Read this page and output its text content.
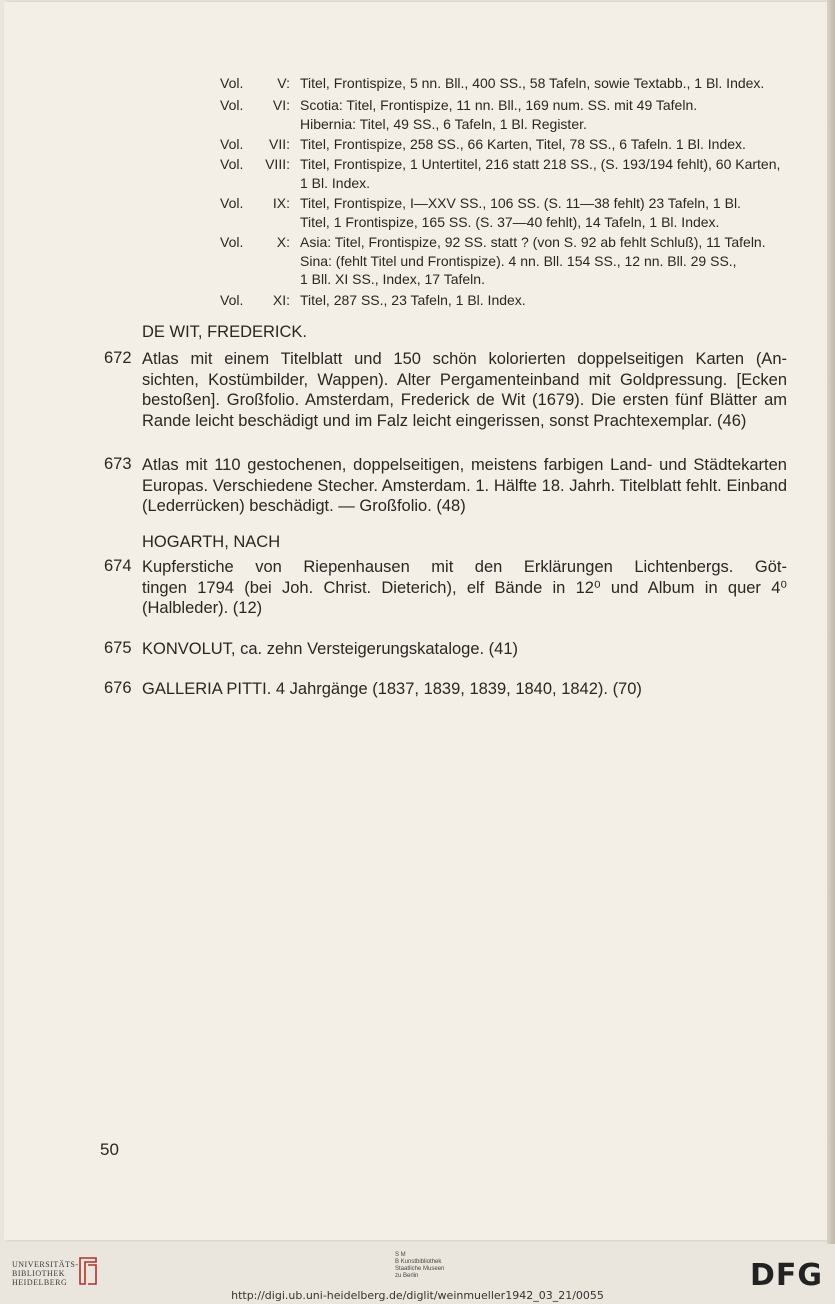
Vol.	V: Titel, Frontispize, 5 nn. Bll., 400 SS., 58 Tafeln, sowie Textabb., 1 Bl. Index.
Vol.	VI: Scotia: Titel, Frontispize, 11 nn. Bll., 169 num. SS. mit 49 Tafeln.
Hibernia: Titel, 49 SS., 6 Tafeln, 1 Bl. Register.
Vol.	VII: Titel, Frontispize, 258 SS., 66 Karten, Titel, 78 SS., 6 Tafeln. 1 Bl. Index.
Vol.	VIII: Titel, Frontispize, 1 Untertitel, 216 statt 218 SS., (S. 193/194 fehlt), 60 Karten,
1 Bl. Index.
Vol.	IX: Titel, Frontispize, I—XXV SS., 106 SS. (S. 11—38 fehlt) 23 Tafeln, 1 Bl.
Titel, 1 Frontispize, 165 SS. (S. 37—40 fehlt), 14 Tafeln, 1 Bl. Index.
Vol.	X: Asia: Titel, Frontispize, 92 SS. statt ? (von S. 92 ab fehlt Schluß), 11 Tafeln.
Sina: (fehlt Titel und Frontispize). 4 nn. Bll. 154 SS., 12 nn. Bll. 29 SS.,
1 Bll. XI SS., Index, 17 Tafeln.
Vol.	XI: Titel, 287 SS., 23 Tafeln, 1 Bl. Index.
DE WIT, FREDERICK.
HOGARTH, NACH
672 Atlas mit einem Titelblatt und 150 schön kolorierten doppelseitigen Karten (An-
sichten, Kostümbilder, Wappen). Alter Pergamenteinband mit Goldpressung. [Ecken
bestoßen]. Großfolio. Amsterdam, Frederick de Wit (1679). Die ersten fünf Blätter am
Rande leicht beschädigt und im Falz leicht eingerissen, sonst Prachtexemplar. (46)
673 Atlas mit 110 gestochenen, doppelseitigen, meistens farbigen Land- und Städtekarten
Europas. Verschiedene Stecher. Amsterdam. 1. Hälfte 18. Jahrh. Titelblatt fehlt. Einband
(Lederrücken) beschädigt. — Großfolio. (48)
674 Kupferstiche von Riepenhausen mit den Erklärungen Lichtenbergs. Göt-
tingen 1794 (bei Joh. Christ. Dieterich), elf Bände in 12⁰ und Album in quer 4⁰
(Halbleder). (12)
675 KONVOLUT, ca. zehn Versteigerungskataloge. (41)
676 GALLERIA PITTI. 4 Jahrgänge (1837, 1839, 1839, 1840, 1842). (70)
50
UNIVERSITÄTS-
BIBLIOTHEK
HEIDELBERG
S M
B Kunstbibliothek
Staatliche Museen
zu Berlin	DFG
http://digi.ub.uni-heidelberg.de/diglit/weinmueller1942_03_21/0055
